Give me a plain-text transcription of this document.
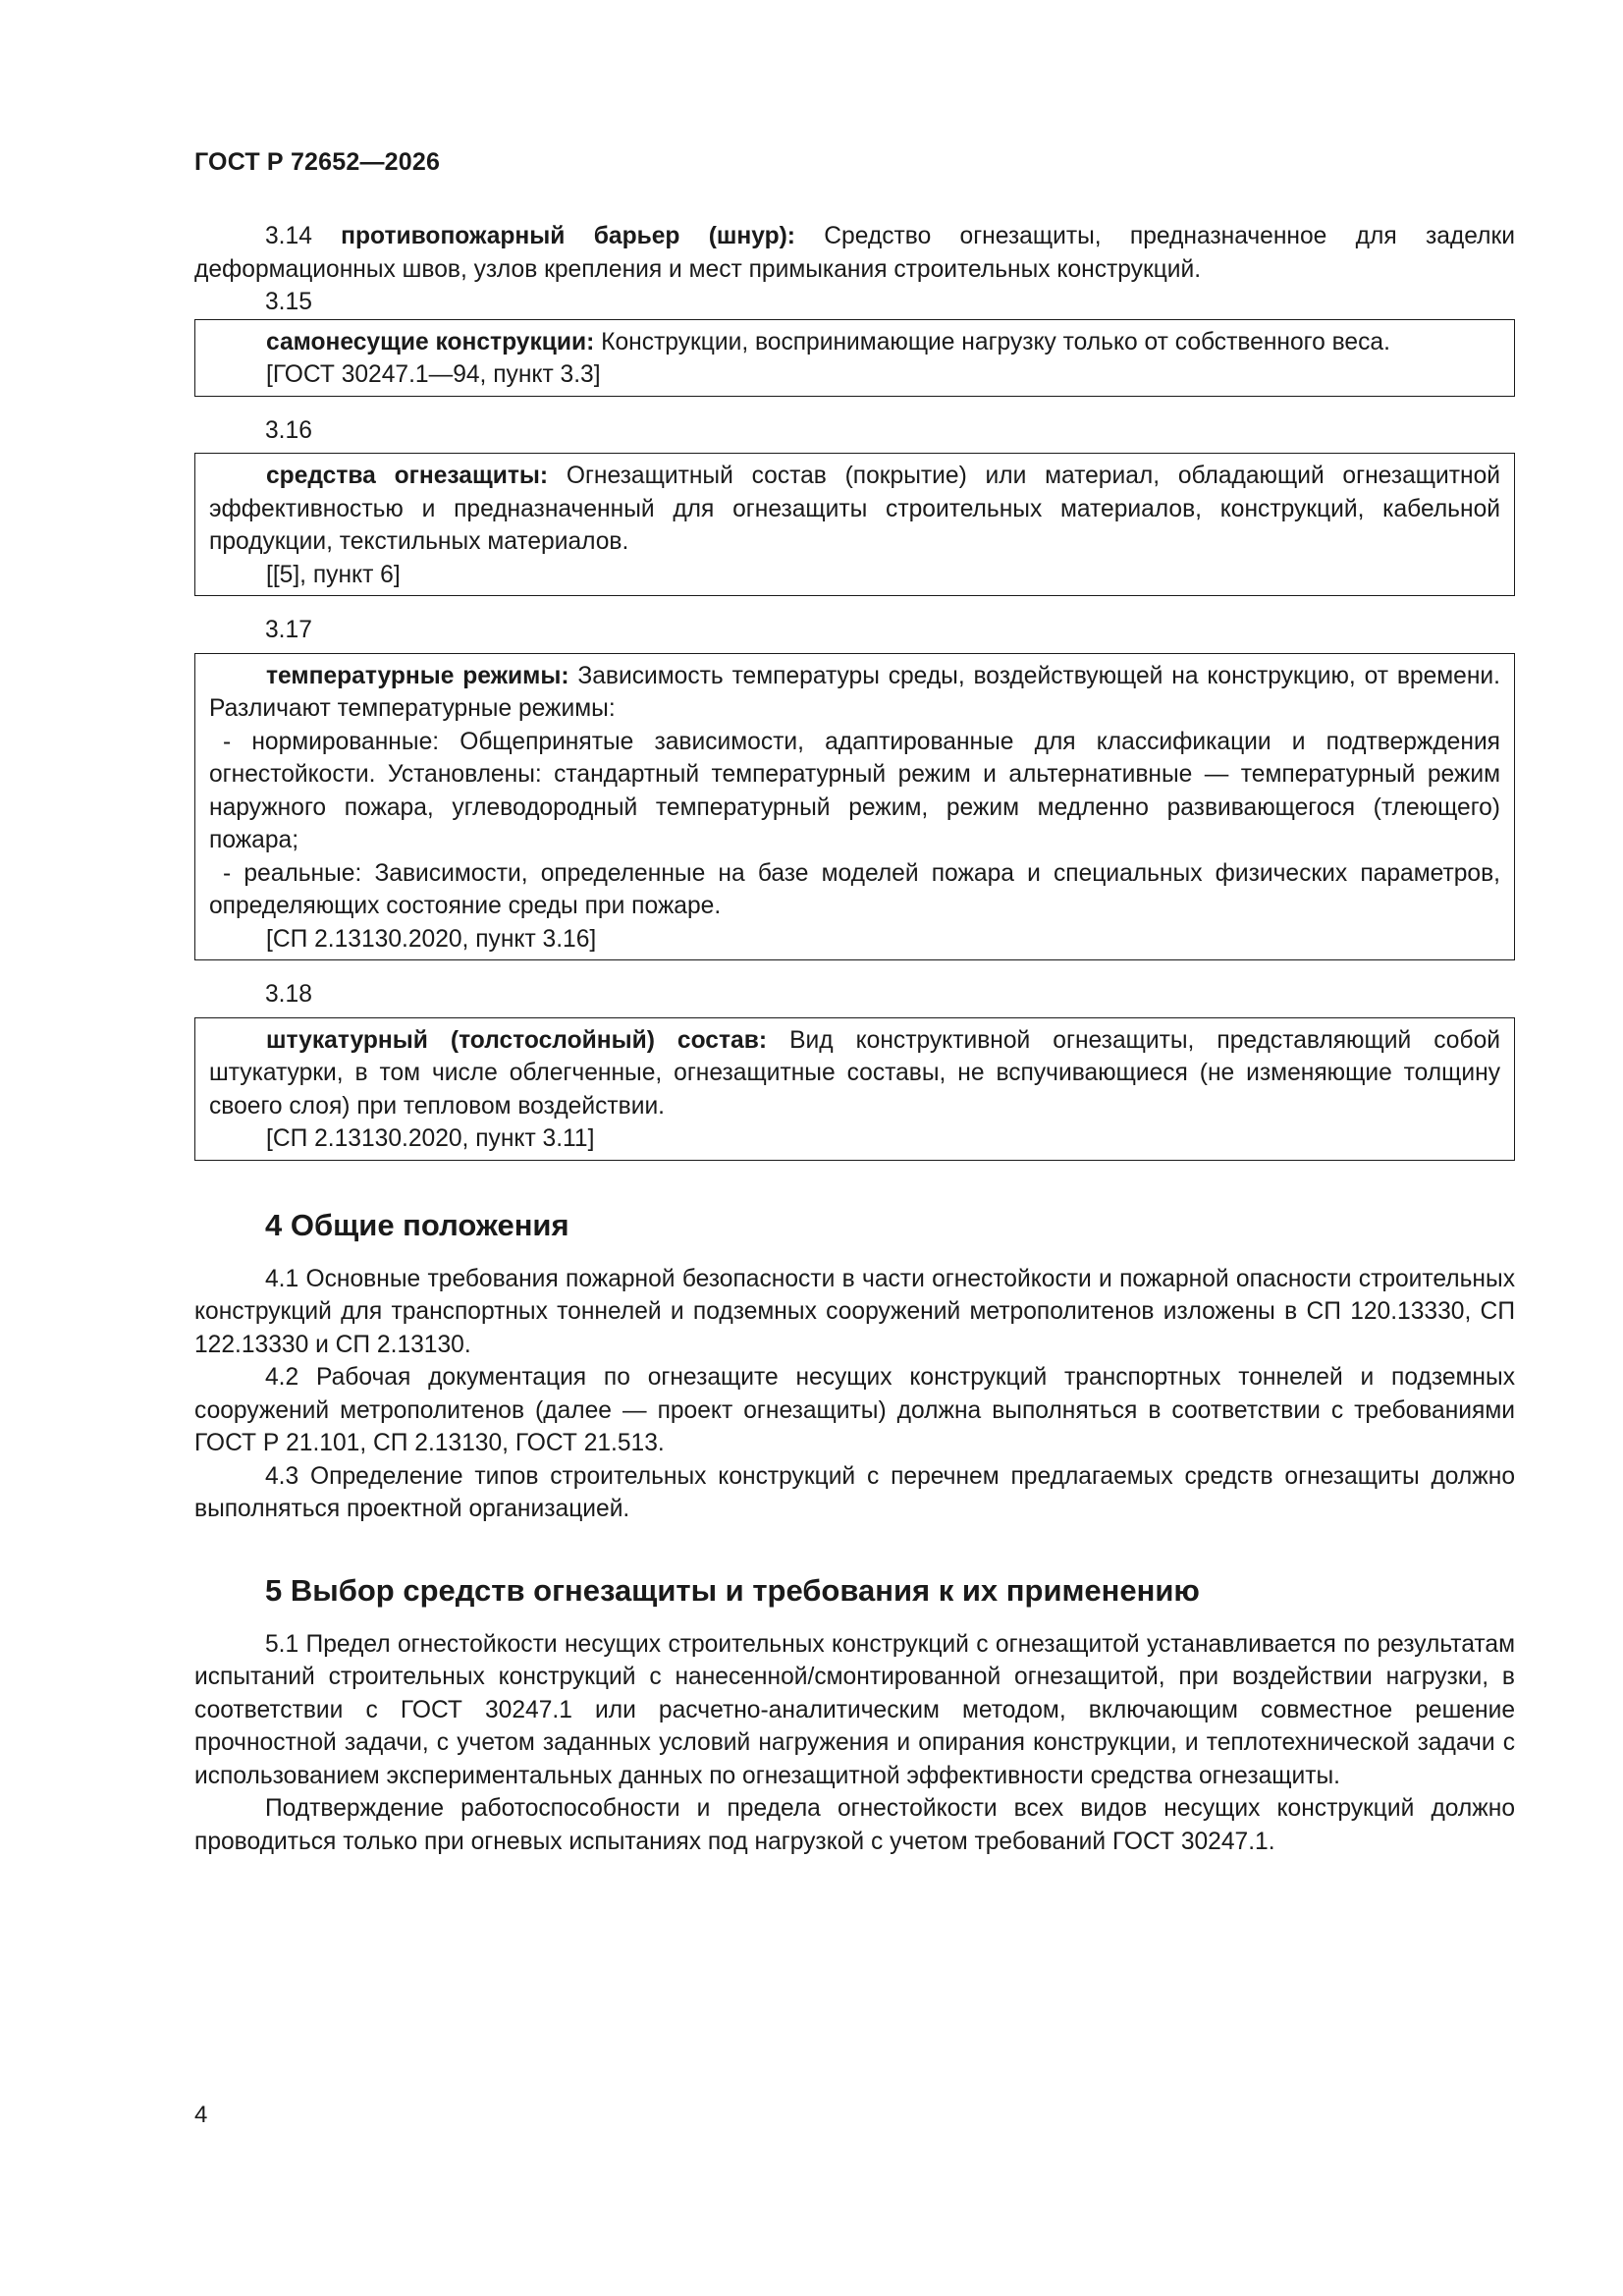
ГОСТ Р 72652—2026

3.14 противопожарный барьер (шнур): Средство огнезащиты, предназначенное для заделки деформационных швов, узлов крепления и мест примыкания строительных конструкций.

3.15

самонесущие конструкции: Конструкции, воспринимающие нагрузку только от собственного веса.

[ГОСТ 30247.1—94, пункт 3.3]

3.16

средства огнезащиты: Огнезащитный состав (покрытие) или материал, обладающий огнезащитной эффективностью и предназначенный для огнезащиты строительных материалов, конструкций, кабельной продукции, текстильных материалов.

[[5], пункт 6]

3.17

температурные режимы: Зависимость температуры среды, воздействующей на конструкцию, от времени. Различают температурные режимы:

- нормированные: Общепринятые зависимости, адаптированные для классификации и подтверждения огнестойкости. Установлены: стандартный температурный режим и альтернативные — температурный режим наружного пожара, углеводородный температурный режим, режим медленно развивающегося (тлеющего) пожара;

- реальные: Зависимости, определенные на базе моделей пожара и специальных физических параметров, определяющих состояние среды при пожаре.

[СП 2.13130.2020, пункт 3.16]

3.18

штукатурный (толстослойный) состав: Вид конструктивной огнезащиты, представляющий собой штукатурки, в том числе облегченные, огнезащитные составы, не вспучивающиеся (не изменяющие толщину своего слоя) при тепловом воздействии.

[СП 2.13130.2020, пункт 3.11]

4 Общие положения

4.1 Основные требования пожарной безопасности в части огнестойкости и пожарной опасности строительных конструкций для транспортных тоннелей и подземных сооружений метрополитенов изложены в СП 120.13330, СП 122.13330 и СП 2.13130.

4.2 Рабочая документация по огнезащите несущих конструкций транспортных тоннелей и подземных сооружений метрополитенов (далее — проект огнезащиты) должна выполняться в соответствии с требованиями ГОСТ Р 21.101, СП 2.13130, ГОСТ 21.513.

4.3 Определение типов строительных конструкций с перечнем предлагаемых средств огнезащиты должно выполняться проектной организацией.

5 Выбор средств огнезащиты и требования к их применению

5.1 Предел огнестойкости несущих строительных конструкций с огнезащитой устанавливается по результатам испытаний строительных конструкций с нанесенной/смонтированной огнезащитой, при воздействии нагрузки, в соответствии с ГОСТ 30247.1 или расчетно-аналитическим методом, включающим совместное решение прочностной задачи, с учетом заданных условий нагружения и опирания конструкции, и теплотехнической задачи с использованием экспериментальных данных по огнезащитной эффективности средства огнезащиты.

Подтверждение работоспособности и предела огнестойкости всех видов несущих конструкций должно проводиться только при огневых испытаниях под нагрузкой с учетом требований ГОСТ 30247.1.

4
